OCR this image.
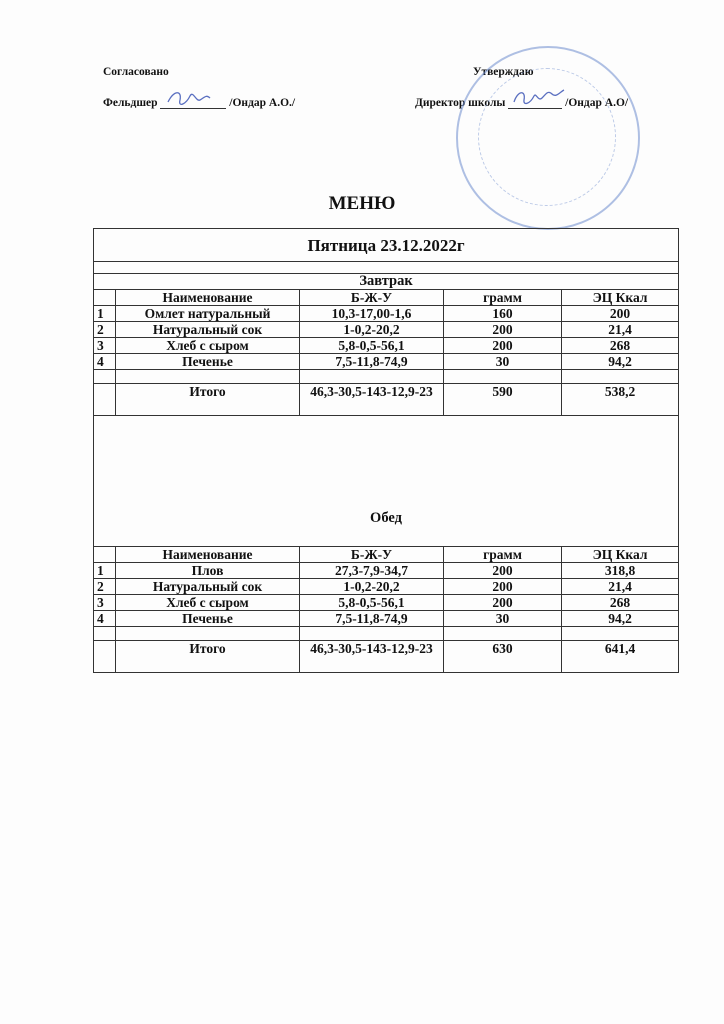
Согласовано
Фельдшер	/Ондар А.О./
Утверждаю
Директор школы	/Ондар А.О/
МЕНЮ
Пятница 23.12.2022г				

Завтрак				
	Наименование	Б-Ж-У	грамм	ЭЦ Ккал
1	Омлет натуральный	10,3-17,00-1,6	160	200
2	Натуральный сок	1-0,2-20,2	200	21,4
3	Хлеб с сыром	5,8-0,5-56,1	200	268
4	Печенье	7,5-11,8-74,9	30	94,2

	Итого	46,3-30,5-143-12,9-23	590	538,2
Обед				
	Наименование	Б-Ж-У	грамм	ЭЦ Ккал
1	Плов	27,3-7,9-34,7	200	318,8
2	Натуральный сок	1-0,2-20,2	200	21,4
3	Хлеб с сыром	5,8-0,5-56,1	200	268
4	Печенье	7,5-11,8-74,9	30	94,2

	Итого	46,3-30,5-143-12,9-23	630	641,4
